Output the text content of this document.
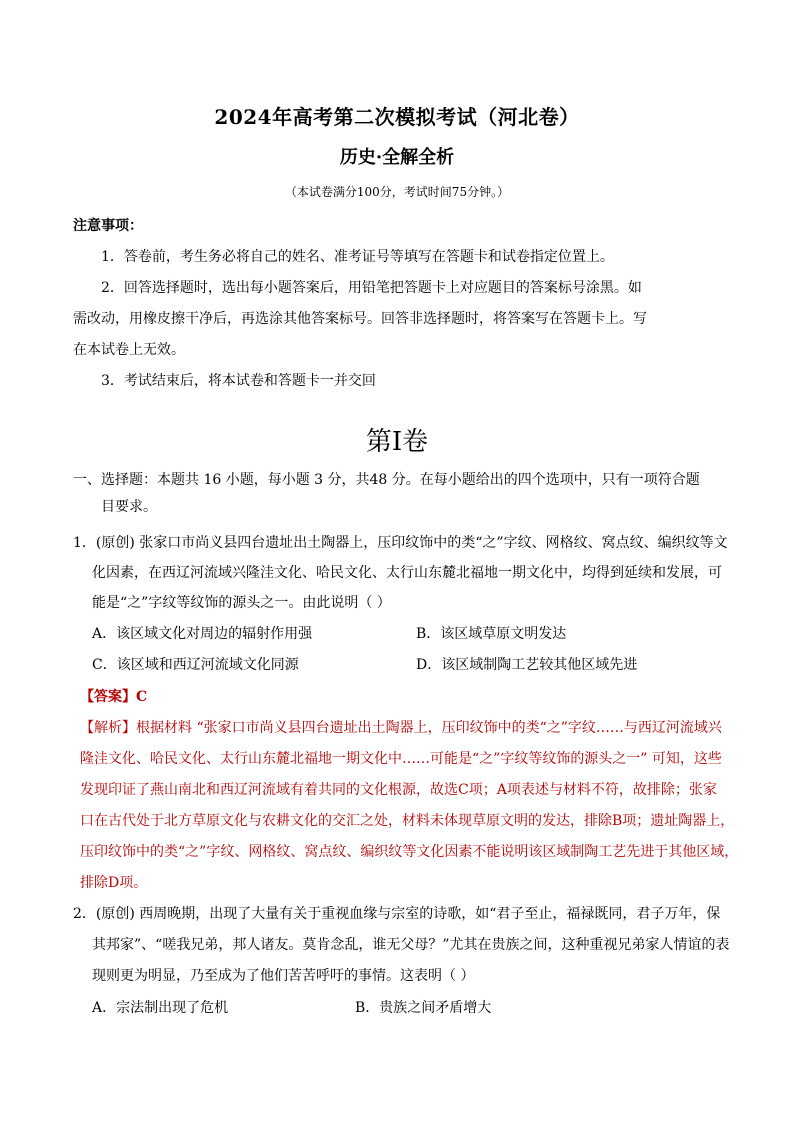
2024年高考第二次模拟考试（河北卷）
历史·全解全析
（本试卷满分100分，考试时间75分钟。）
注意事项：
1．答卷前，考生务必将自己的姓名、准考证号等填写在答题卡和试卷指定位置上。
2．回答选择题时，选出每小题答案后，用铅笔把答题卡上对应题目的答案标号涂黑。如
需改动，用橡皮擦干净后，再选涂其他答案标号。回答非选择题时，将答案写在答题卡上。写
在本试卷上无效。
3．考试结束后，将本试卷和答题卡一并交回
第I卷
一、选择题：本题共 16 小题，每小题 3 分，共48 分。在每小题给出的四个选项中，只有一项符合题
目要求。
1．(原创) 张家口市尚义县四台遗址出土陶器上，压印纹饰中的类“之”字纹、网格纹、窝点纹、编织纹等文
化因素，在西辽河流域兴隆洼文化、哈民文化、太行山东麓北福地一期文化中，均得到延续和发展，可
能是“之”字纹等纹饰的源头之一。由此说明（ ）
A．该区域文化对周边的辐射作用强	B．该区域草原文明发达
C．该区域和西辽河流域文化同源	D．该区域制陶工艺较其他区域先进
【答案】C
【解析】根据材料 “张家口市尚义县四台遗址出土陶器上，压印纹饰中的类“之”字纹……与西辽河流域兴
隆洼文化、哈民文化、太行山东麓北福地一期文化中……可能是“之”字纹等纹饰的源头之一” 可知，这些
发现印证了燕山南北和西辽河流域有着共同的文化根源，故选C项；A项表述与材料不符，故排除；张家
口在古代处于北方草原文化与农耕文化的交汇之处，材料未体现草原文明的发达，排除B项；遗址陶器上，
压印纹饰中的类“之”字纹、网格纹、窝点纹、编织纹等文化因素不能说明该区域制陶工艺先进于其他区域，
排除D项。
2．(原创) 西周晚期，出现了大量有关于重视血缘与宗室的诗歌，如“君子至止，福禄既同，君子万年，保
其邦家”、“嗟我兄弟，邦人诸友。莫肯念乱，谁无父母？”尤其在贵族之间，这种重视兄弟家人情谊的表
现则更为明显，乃至成为了他们苦苦呼吁的事情。这表明（ ）
A．宗法制出现了危机	B．贵族之间矛盾增大
